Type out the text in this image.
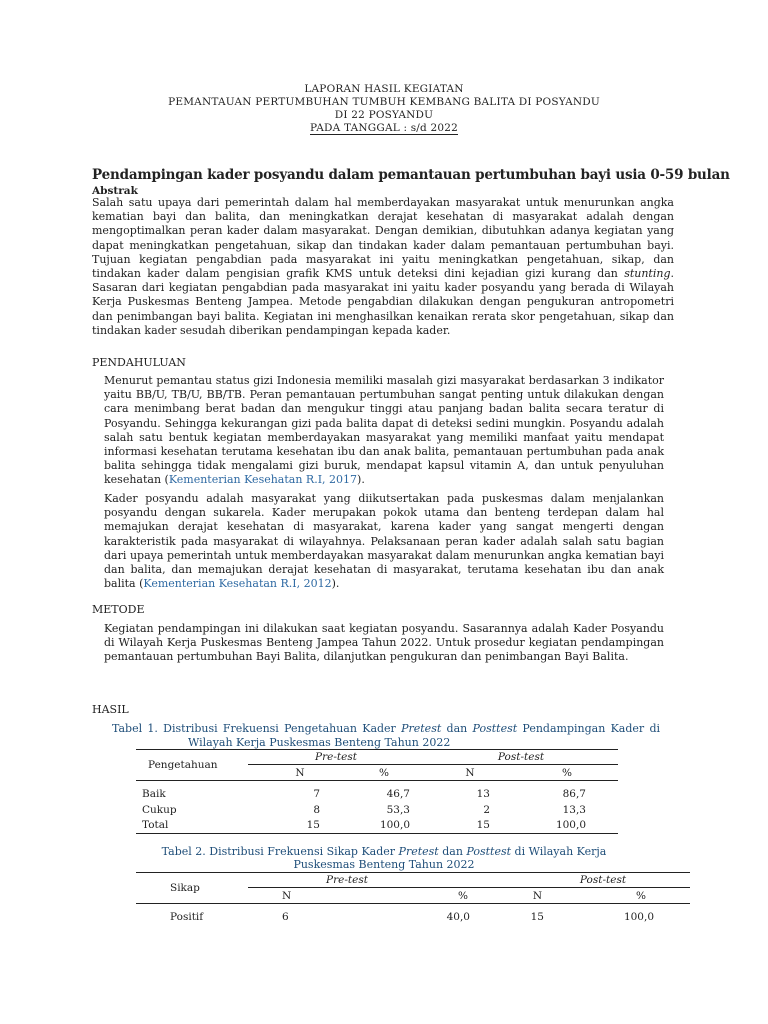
LAPORAN HASIL KEGIATAN
PEMANTAUAN PERTUMBUHAN TUMBUH KEMBANG BALITA DI POSYANDU
DI 22 POSYANDU
PADA TANGGAL : s/d 2022
Pendampingan kader posyandu dalam pemantauan pertumbuhan bayi usia 0-59 bulan
Abstrak
Salah satu upaya dari pemerintah dalam hal memberdayakan masyarakat untuk menurunkan angka kematian bayi dan balita, dan meningkatkan derajat kesehatan di masyarakat adalah dengan mengoptimalkan peran kader dalam masyarakat. Dengan demikian, dibutuhkan adanya kegiatan yang dapat meningkatkan pengetahuan, sikap dan tindakan kader dalam pemantauan pertumbuhan bayi. Tujuan kegiatan pengabdian pada masyarakat ini yaitu meningkatkan pengetahuan, sikap, dan tindakan kader dalam pengisian grafik KMS untuk deteksi dini kejadian gizi kurang dan stunting. Sasaran dari kegiatan pengabdian pada masyarakat ini yaitu kader posyandu yang berada di Wilayah Kerja Puskesmas Benteng Jampea. Metode pengabdian dilakukan dengan pengukuran antropometri dan penimbangan bayi balita. Kegiatan ini menghasilkan kenaikan rerata skor pengetahuan, sikap dan tindakan kader sesudah diberikan pendampingan kepada kader.
PENDAHULUAN
Menurut pemantau status gizi Indonesia memiliki masalah gizi masyarakat berdasarkan 3 indikator yaitu BB/U, TB/U, BB/TB. Peran pemantauan pertumbuhan sangat penting untuk dilakukan dengan cara menimbang berat badan dan mengukur tinggi atau panjang badan balita secara teratur di Posyandu. Sehingga kekurangan gizi pada balita dapat di deteksi sedini mungkin. Posyandu adalah salah satu bentuk kegiatan memberdayakan masyarakat yang memiliki manfaat yaitu mendapat informasi kesehatan terutama kesehatan ibu dan anak balita, pemantauan pertumbuhan pada anak balita sehingga tidak mengalami gizi buruk, mendapat kapsul vitamin A, dan untuk penyuluhan kesehatan (Kementerian Kesehatan R.I, 2017).
Kader posyandu adalah masyarakat yang diikutsertakan pada puskesmas dalam menjalankan posyandu dengan sukarela. Kader merupakan pokok utama dan benteng terdepan dalam hal memajukan derajat kesehatan di masyarakat, karena kader yang sangat mengerti dengan karakteristik pada masyarakat di wilayahnya. Pelaksanaan peran kader adalah salah satu bagian dari upaya pemerintah untuk memberdayakan masyarakat dalam menurunkan angka kematian bayi dan balita, dan memajukan derajat kesehatan di masyarakat, terutama kesehatan ibu dan anak balita (Kementerian Kesehatan R.I, 2012).
METODE
Kegiatan pendampingan ini dilakukan saat kegiatan posyandu. Sasarannya adalah Kader Posyandu di Wilayah Kerja Puskesmas Benteng Jampea Tahun 2022. Untuk prosedur kegiatan pendampingan pemantauan pertumbuhan Bayi Balita, dilanjutkan pengukuran dan penimbangan Bayi Balita.
HASIL
Tabel 1. Distribusi Frekuensi Pengetahuan Kader Pretest dan Posttest Pendampingan Kader di
Wilayah Kerja Puskesmas Benteng Tahun 2022
Pengetahuan	Pre-test		Post-test	
	N	%	N	%

Baik	7	46,7	13	86,7
Cukup	8	53,3	2	13,3
Total	15	100,0	15	100,0
Tabel 2. Distribusi Frekuensi Sikap Kader Pretest dan Posttest di Wilayah Kerja
Puskesmas Benteng Tahun 2022
Sikap	Pre-test		Post-test	
	N	%	N	%

Positif	6	40,0	15	100,0
